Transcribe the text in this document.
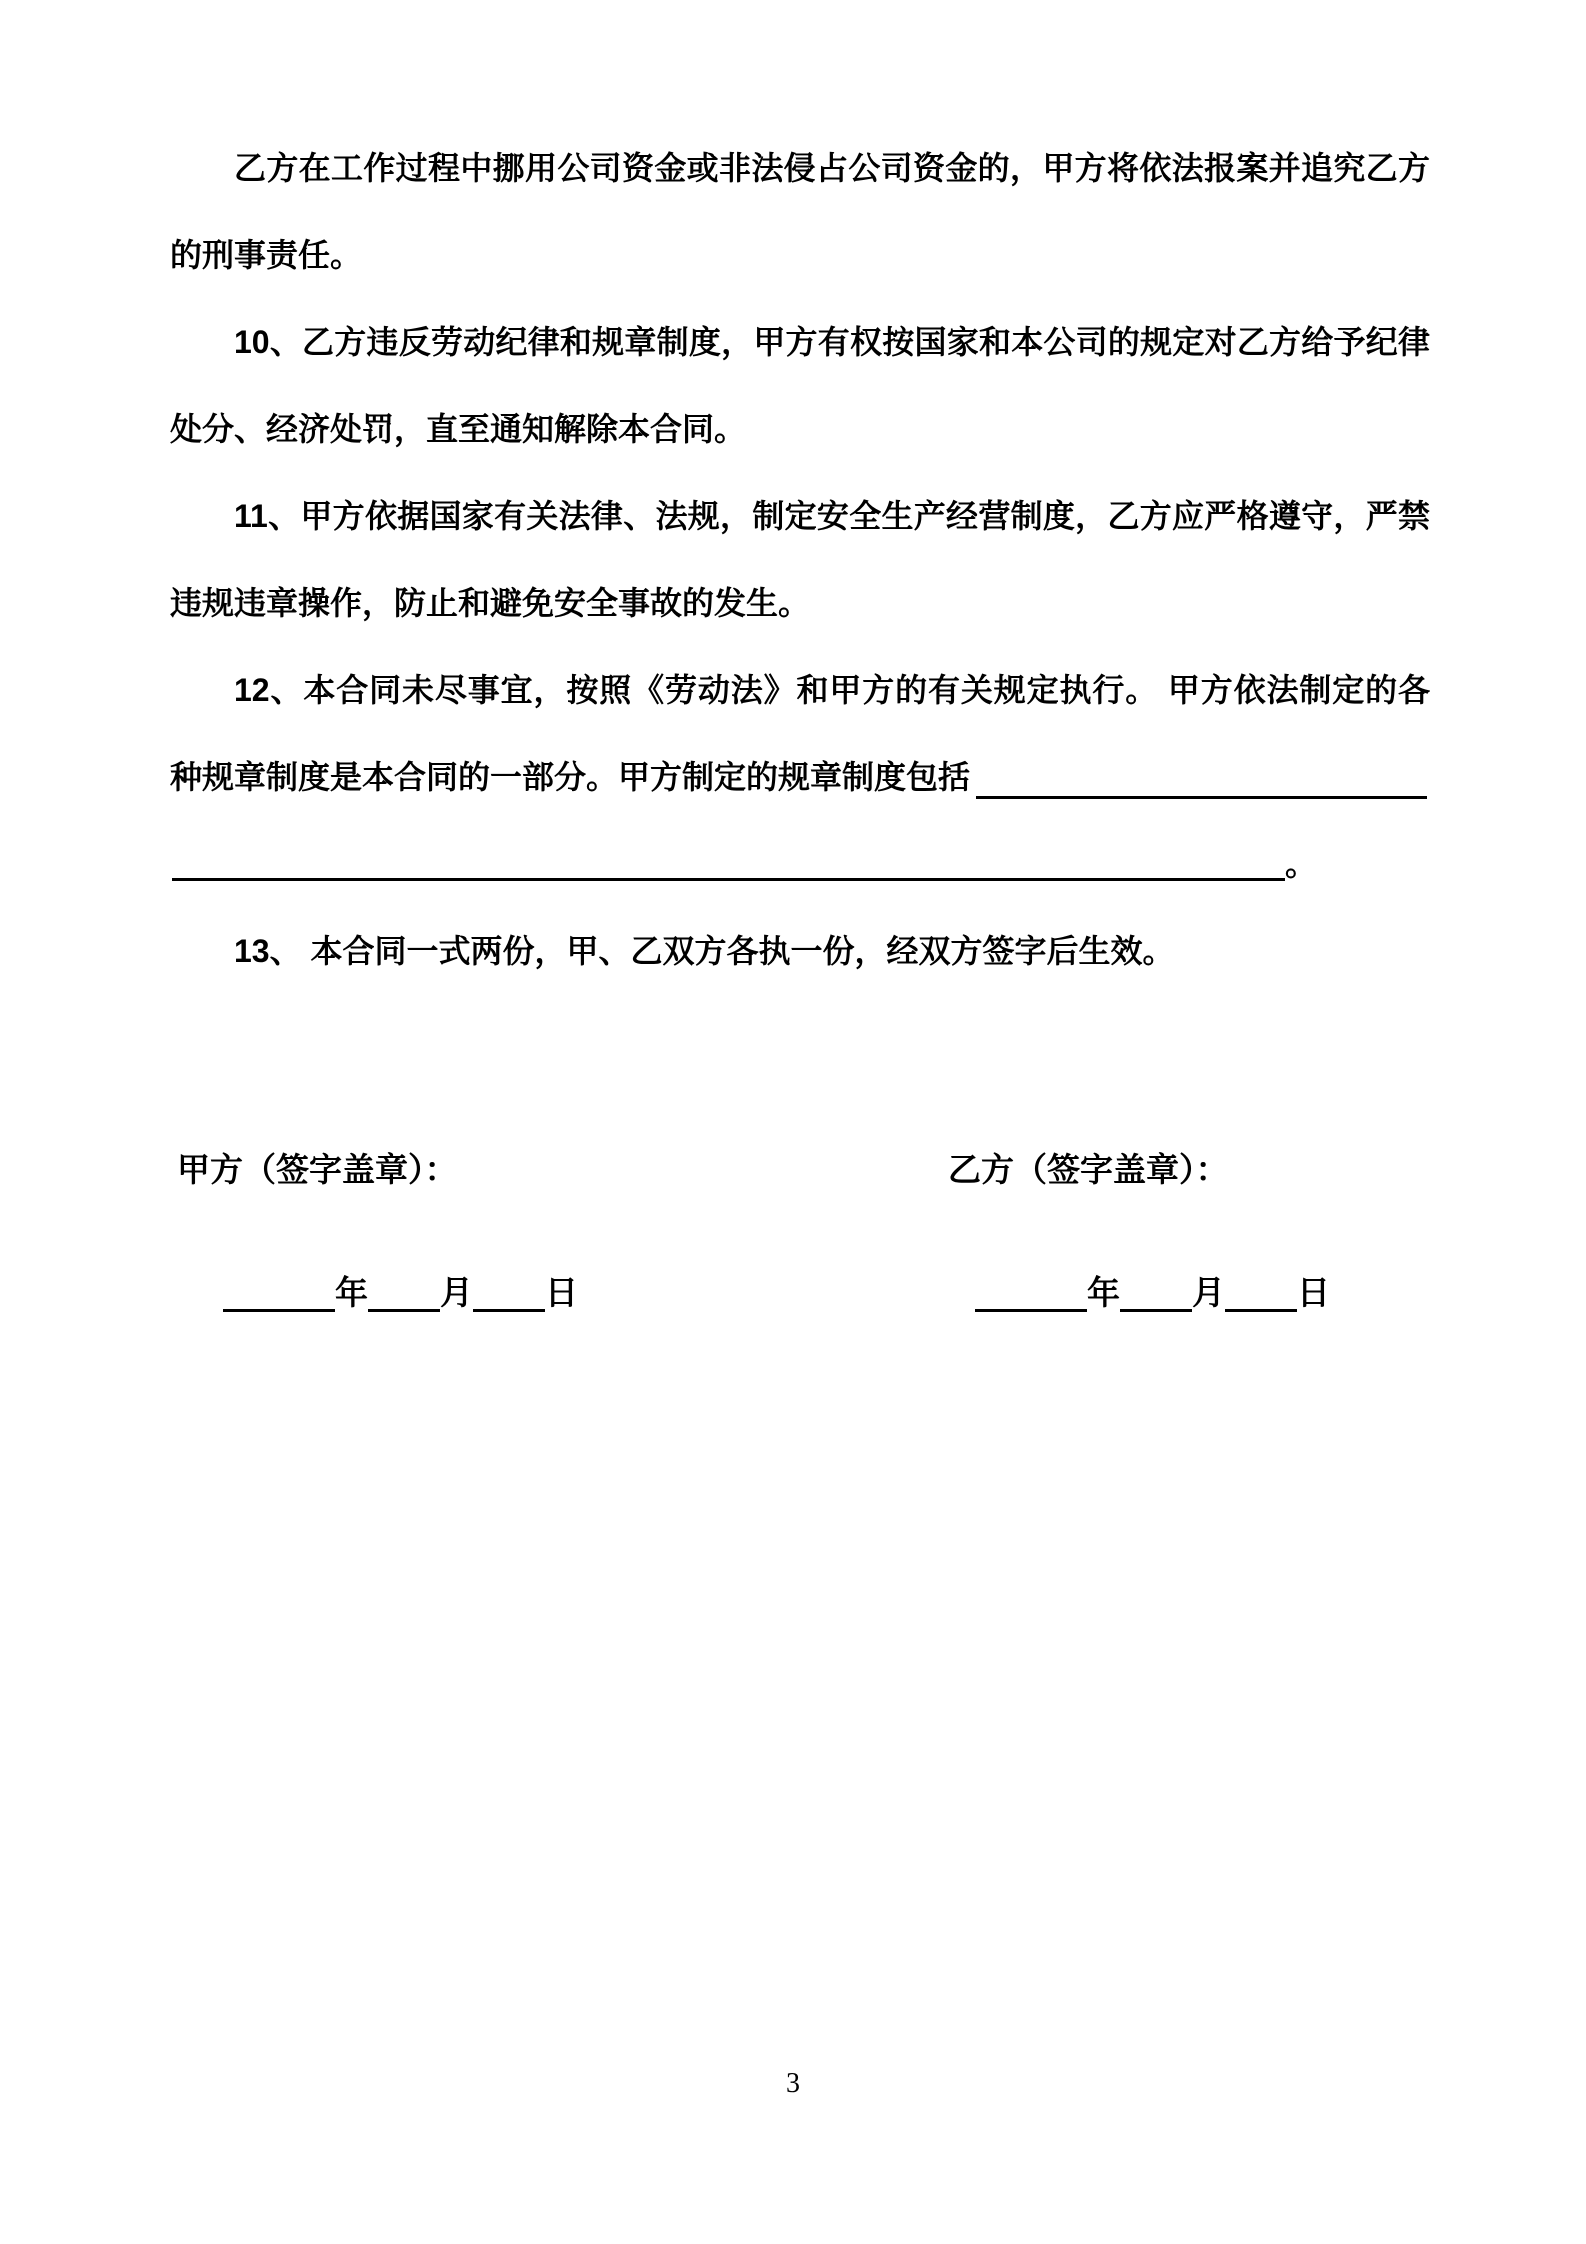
乙方在工作过程中挪用公司资金或非法侵占公司资金的，甲方将依法报案并追究乙方的刑事责任。

10、乙方违反劳动纪律和规章制度，甲方有权按国家和本公司的规定对乙方给予纪律处分、经济处罚，直至通知解除本合同。

11、甲方依据国家有关法律、法规，制定安全生产经营制度，乙方应严格遵守，严禁违规违章操作，防止和避免安全事故的发生。

12、本合同未尽事宜，按照《劳动法》和甲方的有关规定执行。 甲方依法制定的各种规章制度是本合同的一部分。甲方制定的规章制度包括

。

13、 本合同一式两份，甲、乙双方各执一份，经双方签字后生效。

甲方（签字盖章）：	乙方（签字盖章）：
年 月 日	年 月 日
3
